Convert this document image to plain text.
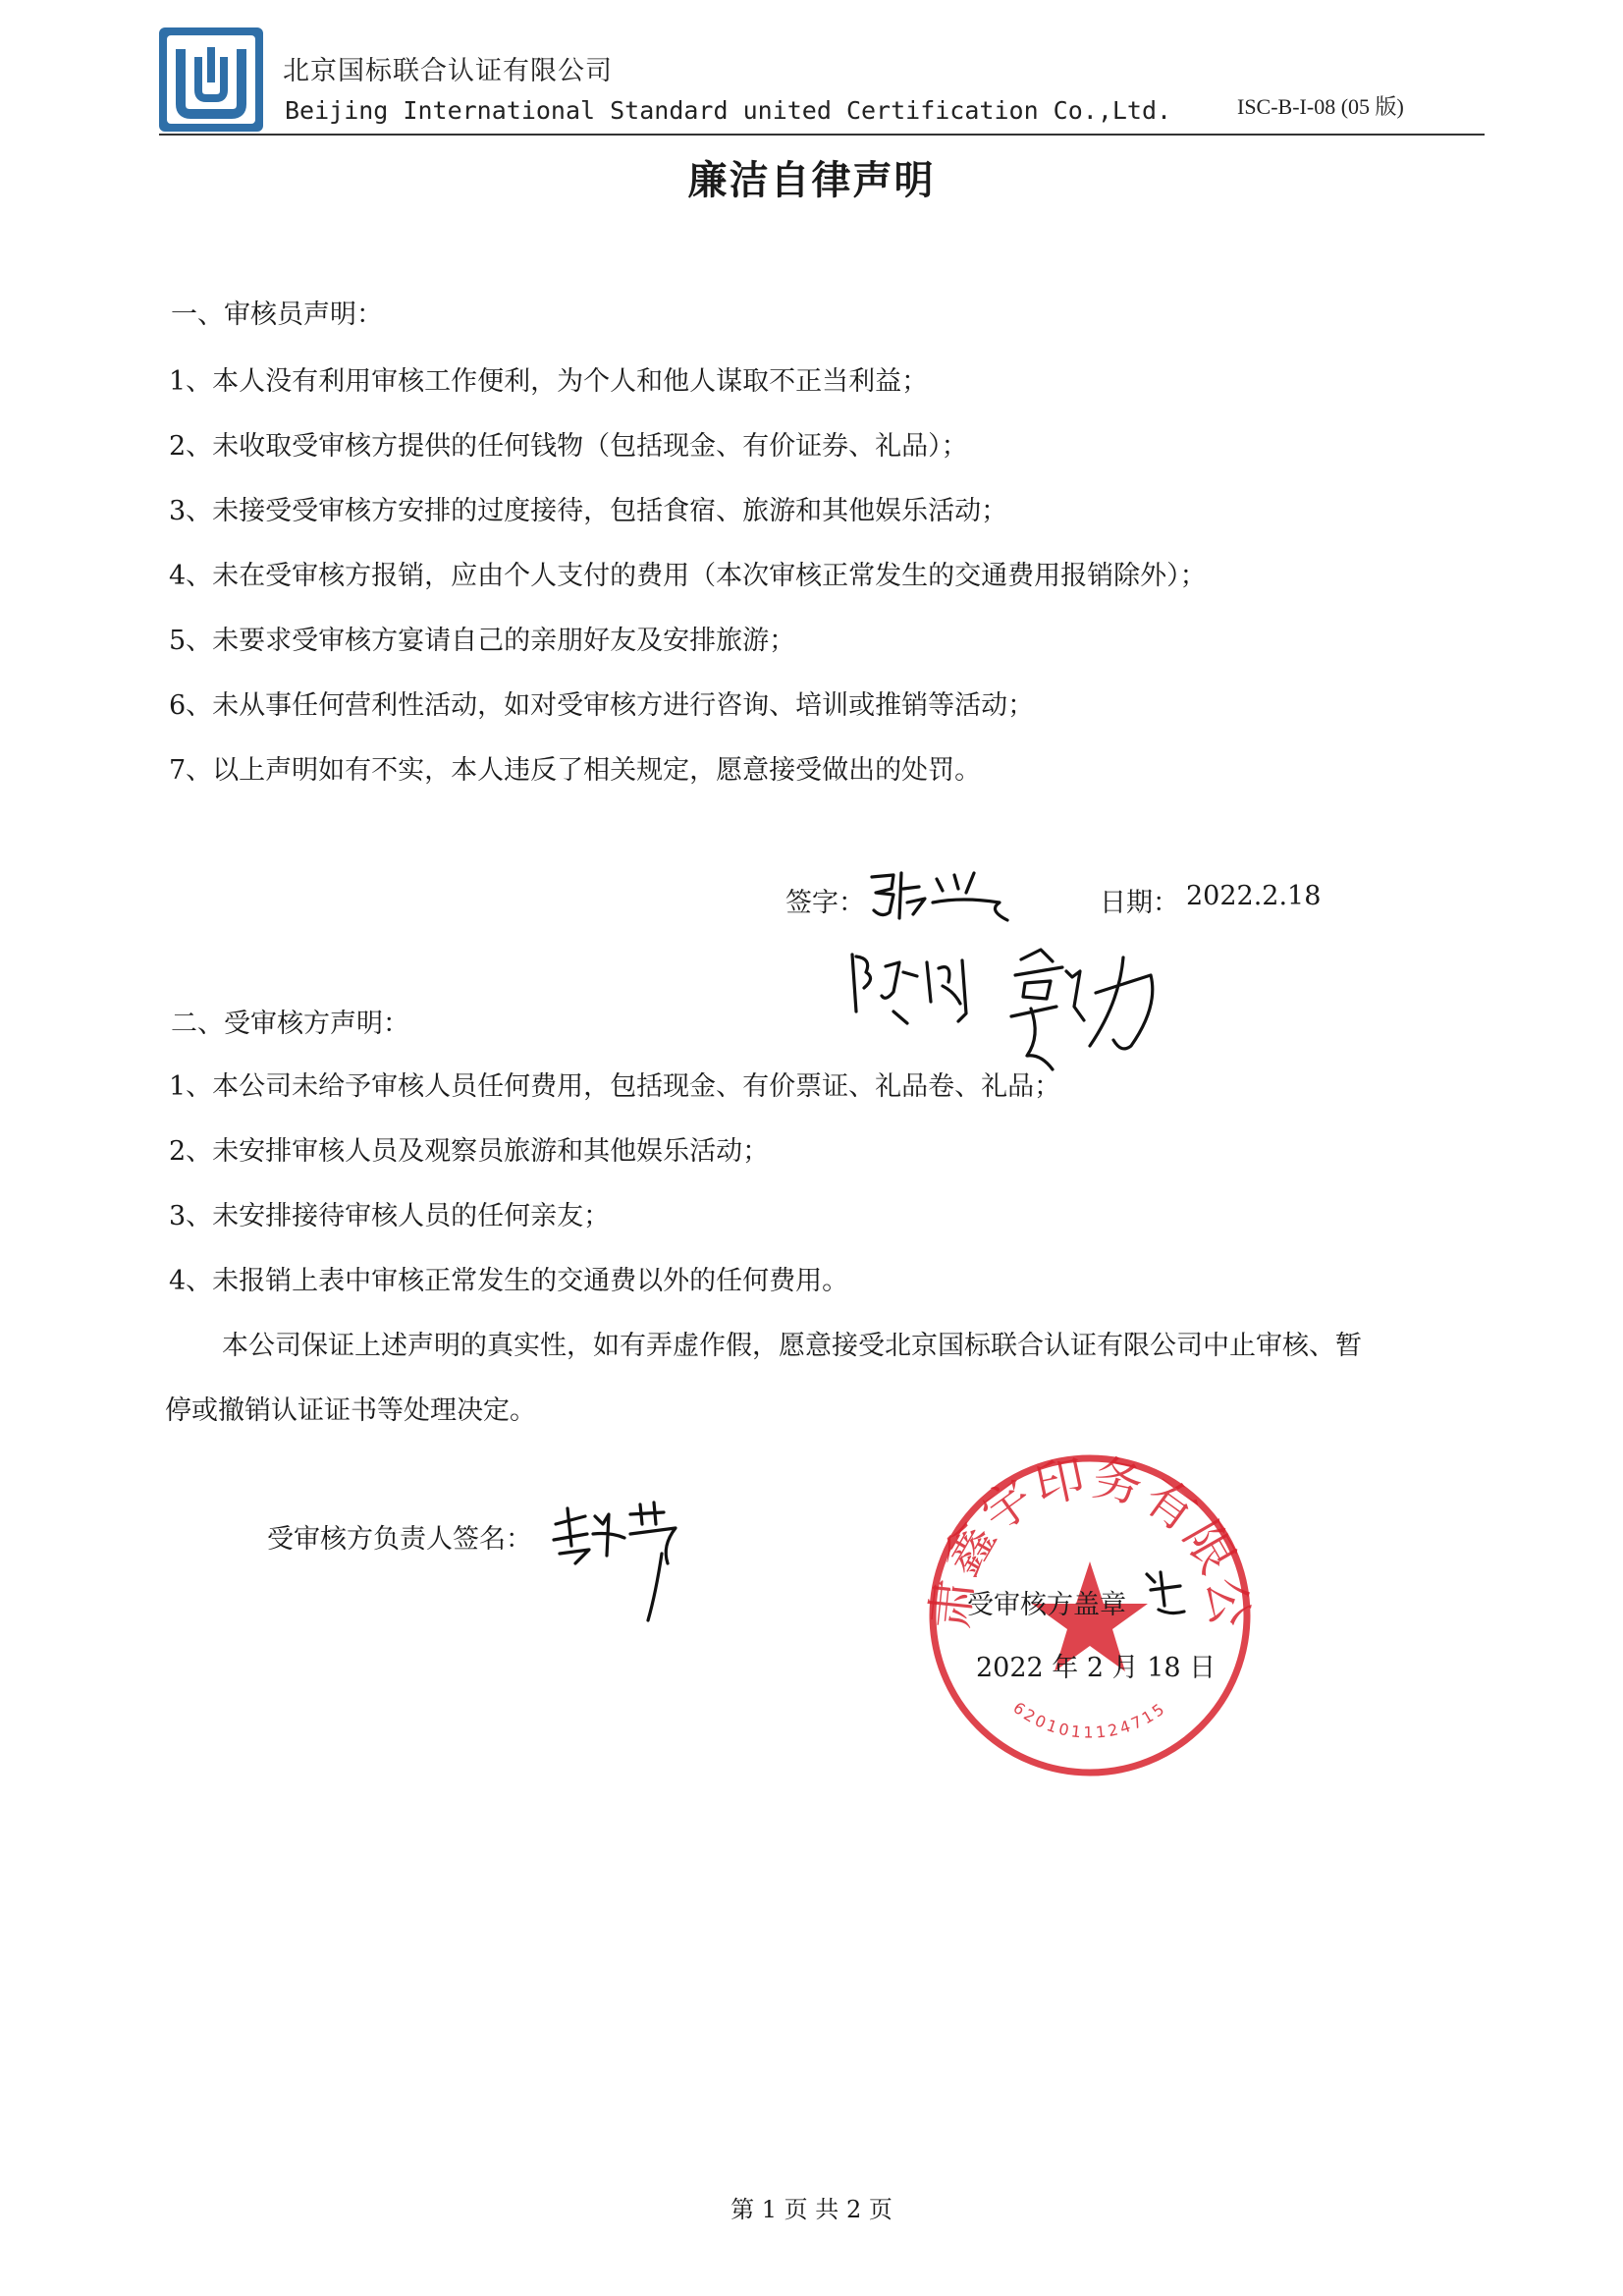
北京国标联合认证有限公司
Beijing International Standard united Certification Co.,Ltd.	ISC-B-I-08 (05 版)
廉洁自律声明
一、审核员声明：
1、本人没有利用审核工作便利，为个人和他人谋取不正当利益；
2、未收取受审核方提供的任何钱物（包括现金、有价证券、礼品）；
3、未接受受审核方安排的过度接待，包括食宿、旅游和其他娱乐活动；
4、未在受审核方报销，应由个人支付的费用（本次审核正常发生的交通费用报销除外）；
5、未要求受审核方宴请自己的亲朋好友及安排旅游；
6、未从事任何营利性活动，如对受审核方进行咨询、培训或推销等活动；
7、以上声明如有不实，本人违反了相关规定，愿意接受做出的处罚。
签字：	日期： 2022.2.18
二、受审核方声明：
1、本公司未给予审核人员任何费用，包括现金、有价票证、礼品卷、礼品；
2、未安排审核人员及观察员旅游和其他娱乐活动；
3、未安排接待审核人员的任何亲友；
4、未报销上表中审核正常发生的交通费以外的任何费用。
本公司保证上述声明的真实性，如有弄虚作假，愿意接受北京国标联合认证有限公司中止审核、暂
停或撤销认证证书等处理决定。
受审核方负责人签名：
肃鑫宇印务有限公
6201011124715
受审核方盖章
2022 年 2 月 18 日
第 1 页 共 2 页
